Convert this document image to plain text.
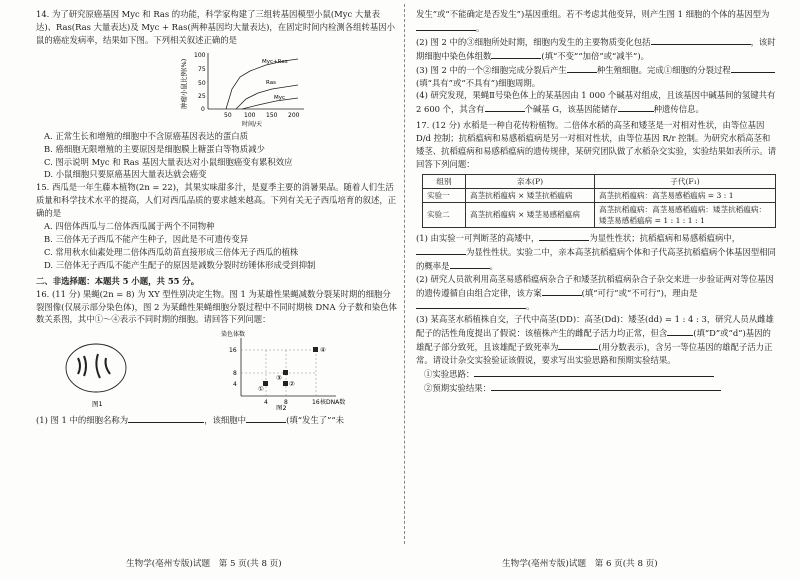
14. 为了研究原癌基因 Myc 和 Ras 的功能，科学家构建了三组转基因模型小鼠(Myc 大量表达)、Ras(Ras 大量表达)及 Myc + Ras(两种基因均大量表达)，在固定时间内检测各组转基因小鼠的癌症发病率，结果如下图。下列相关叙述正确的是

肿瘤小鼠比例(%)
100
75
50
25
0
50 100 150 200
时间/天
Myc+Ras
Ras
Myc

A. 正常生长和增殖的细胞中不含原癌基因表达的蛋白质

B. 癌细胞无限增殖的主要原因是细胞膜上糖蛋白等物质减少

C. 图示说明 Myc 和 Ras 基因大量表达对小鼠细胞癌变有累积效应

D. 小鼠细胞只要原癌基因大量表达就会癌变

15. 西瓜是一年生藤本植物(2n = 22)，其果实味甜多汁，是夏季主要的消暑果品。随着人们生活质量和科学技术水平的提高，人们对西瓜品质的要求越来越高。下列有关无子西瓜培育的叙述，正确的是

A. 四倍体西瓜与二倍体西瓜属于两个不同物种

B. 三倍体无子西瓜不能产生种子，因此是不可遗传变异

C. 常用秋水仙素处理二倍体西瓜幼苗直接形成三倍体无子西瓜的植株

D. 三倍体无子西瓜不能产生配子的原因是减数分裂时纺锤体形成受到抑制

二、非选择题：本题共 5 小题，共 55 分。

16. (11 分) 果蝇(2n = 8) 为 XY 型性别决定生物。图 1 为某雄性果蝇减数分裂某时期的细胞分裂图像(仅展示部分染色体)，图 2 为某雌性果蝇细胞分裂过程中不同时期核 DNA 分子数和染色体数关系图，其中①～④表示不同时期的细胞。请回答下列问题：

图1
染色体数
16
8
4
4	8	16 核DNA数
④
③
①
②
图2

(1) 图 1 中的细胞名称为	，该细胞中	(填“发生了”“未

发生”或“不能确定是否发生”)基因重组。若不考虑其他变异，则产生图 1 细胞的个体的基因型为。

(2) 图 2 中的③细胞所处时期，细胞内发生的主要物质变化包括	，该时期细胞中染色体组数	(填“不变”“加倍”或“减半”)。

(3) 图 2 中的一个②细胞完成分裂后产生	种生殖细胞。完成①细胞的分裂过程(填“具有”或“不具有”)细胞周期。

(4) 研究发现，果蝇Ⅱ号染色体上的某基因由 1 000 个碱基对组成，且该基因中碱基间的氢键共有 2 600 个，其含有	个碱基 G，该基因能储存	种遗传信息。

17. (12 分) 水稻是一种自花传粉植物。二倍体水稻的高茎和矮茎是一对相对性状，由等位基因 D/d 控制；抗稻瘟病和易感稻瘟病是另一对相对性状，由等位基因 R/r 控制。为研究水稻高茎和矮茎、抗稻瘟病和易感稻瘟病的遗传规律，某研究团队做了水稻杂交实验，实验结果如表所示。请回答下列问题：

组别	亲本(P)	子代(F₁)
实验一	高茎抗稻瘟病 × 矮茎抗稻瘟病	高茎抗稻瘟病：高茎易感稻瘟病 = 3 : 1
实验二	高茎抗稻瘟病 × 矮茎易感稻瘟病	高茎抗稻瘟病：高茎易感稻瘟病：矮茎抗稻瘟病：矮茎易感稻瘟病 = 1 : 1 : 1 : 1

(1) 由实验一可判断茎的高矮中，	为显性性状；抗稻瘟病和易感稻瘟病中，为显性性状。实验二中，亲本高茎抗稻瘟病个体和子代高茎抗稻瘟病个体基因型相同的概率是	。

(2) 研究人员欲利用高茎易感稻瘟病杂合子和矮茎抗稻瘟病杂合子杂交来进一步验证两对等位基因的遗传遵循自由组合定律，该方案	(填“可行”或“不可行”)，理由是。

(3) 某高茎水稻植株自交，子代中高茎(DD)：高茎(Dd)：矮茎(dd) = 1 : 4 : 3，研究人员从雌雄配子的活性角度提出了假说：该植株产生的雌配子活力均正常，但含	(填“D”或“d”)基因的雄配子部分致死，且该雄配子致死率为	(用分数表示)，含另一等位基因的雄配子活力正常。请设计杂交实验验证该假说，要求写出实验思路和预期实验结果。

①实验思路：

②预期实验结果：

生物学(亳州专版)试题　第 5 页(共 8 页)	生物学(亳州专版)试题　第 6 页(共 8 页)
